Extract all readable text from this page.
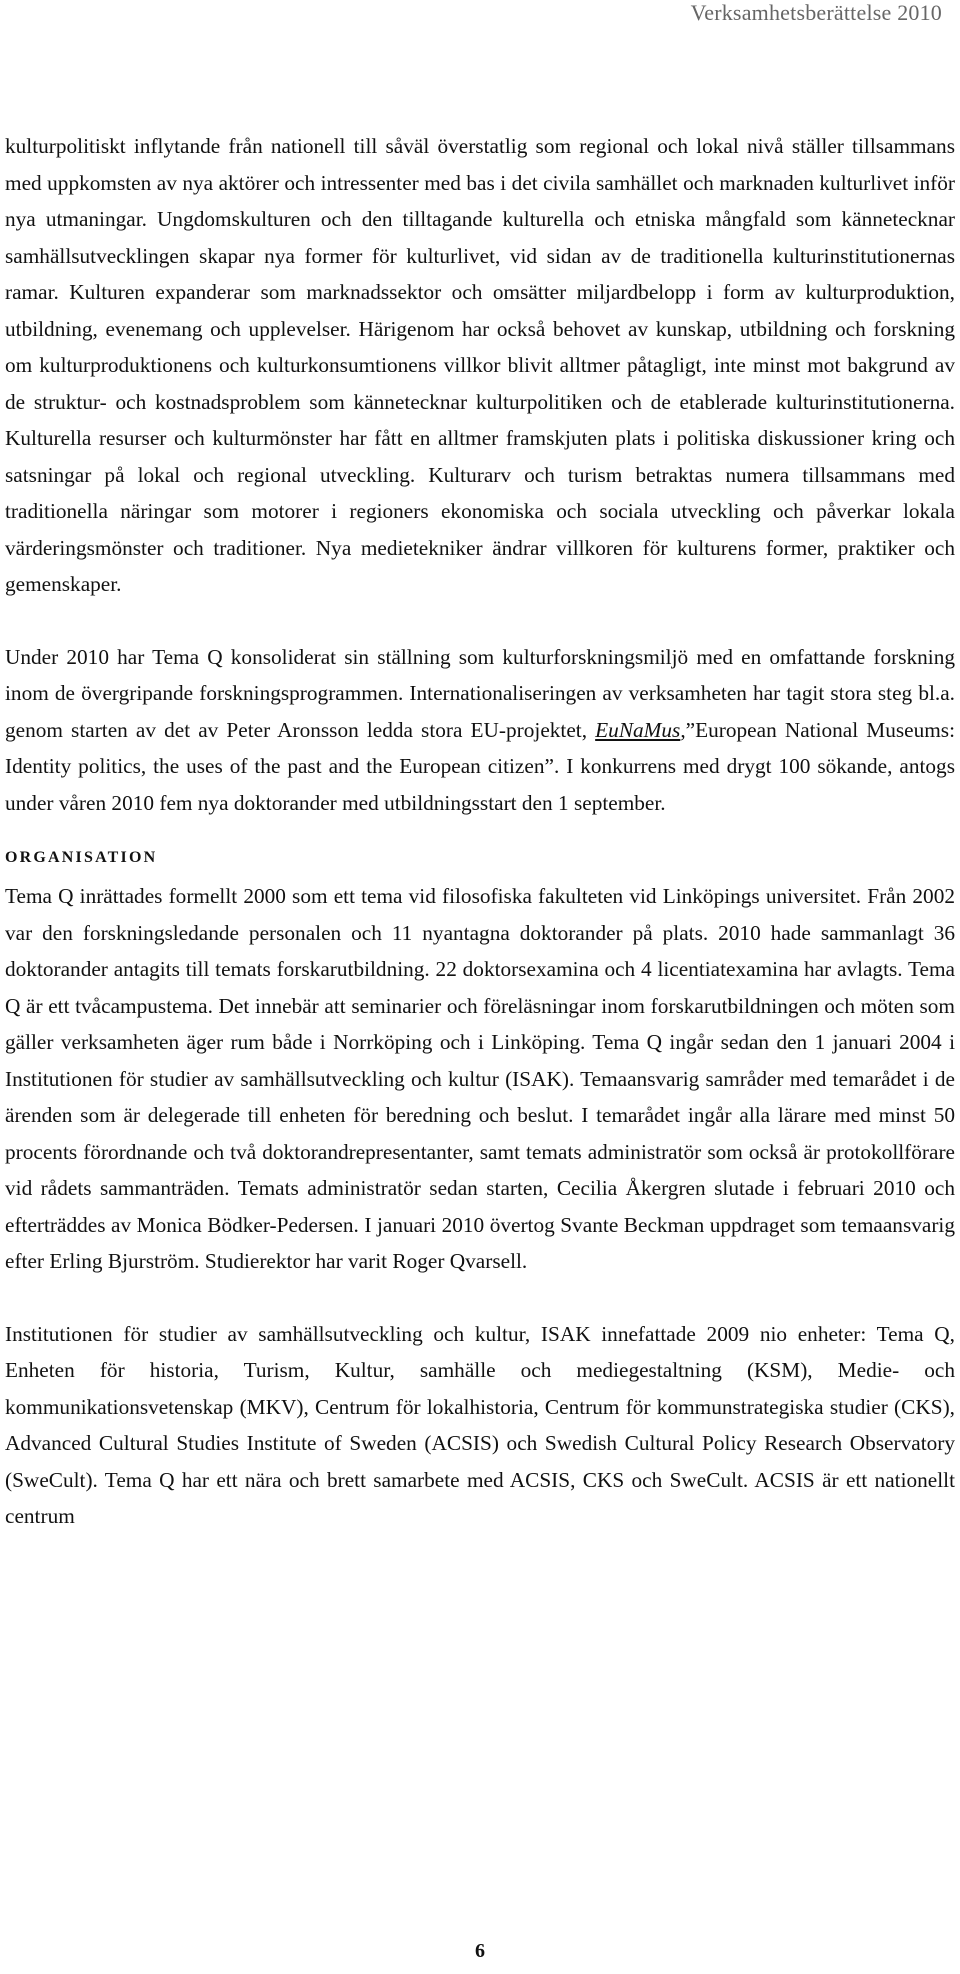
Verksamhetsberättelse 2010

kulturpolitiskt inflytande från nationell till såväl överstatlig som regional och lokal nivå ställer tillsammans med uppkomsten av nya aktörer och intressenter med bas i det civila samhället och marknaden kulturlivet inför nya utmaningar. Ungdomskulturen och den tilltagande kulturella och etniska mångfald som kännetecknar samhällsutvecklingen skapar nya former för kulturlivet, vid sidan av de traditionella kulturinstitutionernas ramar. Kulturen expanderar som marknadssektor och omsätter miljardbelopp i form av kulturproduktion, utbildning, evenemang och upplevelser. Härigenom har också behovet av kunskap, utbildning och forskning om kulturproduktionens och kulturkonsumtionens villkor blivit alltmer påtagligt, inte minst mot bakgrund av de struktur- och kostnadsproblem som kännetecknar kulturpolitiken och de etablerade kulturinstitutionerna. Kulturella resurser och kulturmönster har fått en alltmer framskjuten plats i politiska diskussioner kring och satsningar på lokal och regional utveckling. Kulturarv och turism betraktas numera tillsammans med traditionella näringar som motorer i regioners ekonomiska och sociala utveckling och påverkar lokala värderingsmönster och traditioner. Nya medietekniker ändrar villkoren för kulturens former, praktiker och gemenskaper.

Under 2010 har Tema Q konsoliderat sin ställning som kulturforskningsmiljö med en omfattande forskning inom de övergripande forskningsprogrammen. Internationaliseringen av verksamheten har tagit stora steg bl.a. genom starten av det av Peter Aronsson ledda stora EU-projektet, EuNaMus,”European National Museums: Identity politics, the uses of the past and the European citizen”. I konkurrens med drygt 100 sökande, antogs under våren 2010 fem nya doktorander med utbildningsstart den 1 september.

ORGANISATION

Tema Q inrättades formellt 2000 som ett tema vid filosofiska fakulteten vid Linköpings universitet. Från 2002 var den forskningsledande personalen och 11 nyantagna doktorander på plats. 2010 hade sammanlagt 36 doktorander antagits till temats forskarutbildning. 22 doktorsexamina och 4 licentiatexamina har avlagts. Tema Q är ett tvåcampustema. Det innebär att seminarier och föreläsningar inom forskarutbildningen och möten som gäller verksamheten äger rum både i Norrköping och i Linköping. Tema Q ingår sedan den 1 januari 2004 i Institutionen för studier av samhällsutveckling och kultur (ISAK). Temaansvarig samråder med temarådet i de ärenden som är delegerade till enheten för beredning och beslut. I temarådet ingår alla lärare med minst 50 procents förordnande och två doktorandrepresentanter, samt temats administratör som också är protokollförare vid rådets sammanträden. Temats administratör sedan starten, Cecilia Åkergren slutade i februari 2010 och efterträddes av Monica Bödker-Pedersen. I januari 2010 övertog Svante Beckman uppdraget som temaansvarig efter Erling Bjurström. Studierektor har varit Roger Qvarsell.

Institutionen för studier av samhällsutveckling och kultur, ISAK innefattade 2009 nio enheter: Tema Q, Enheten för historia, Turism, Kultur, samhälle och mediegestaltning (KSM), Medie- och kommunikationsvetenskap (MKV), Centrum för lokalhistoria, Centrum för kommunstrategiska studier (CKS), Advanced Cultural Studies Institute of Sweden (ACSIS) och Swedish Cultural Policy Research Observatory (SweCult). Tema Q har ett nära och brett samarbete med ACSIS, CKS och SweCult. ACSIS är ett nationellt centrum

6
